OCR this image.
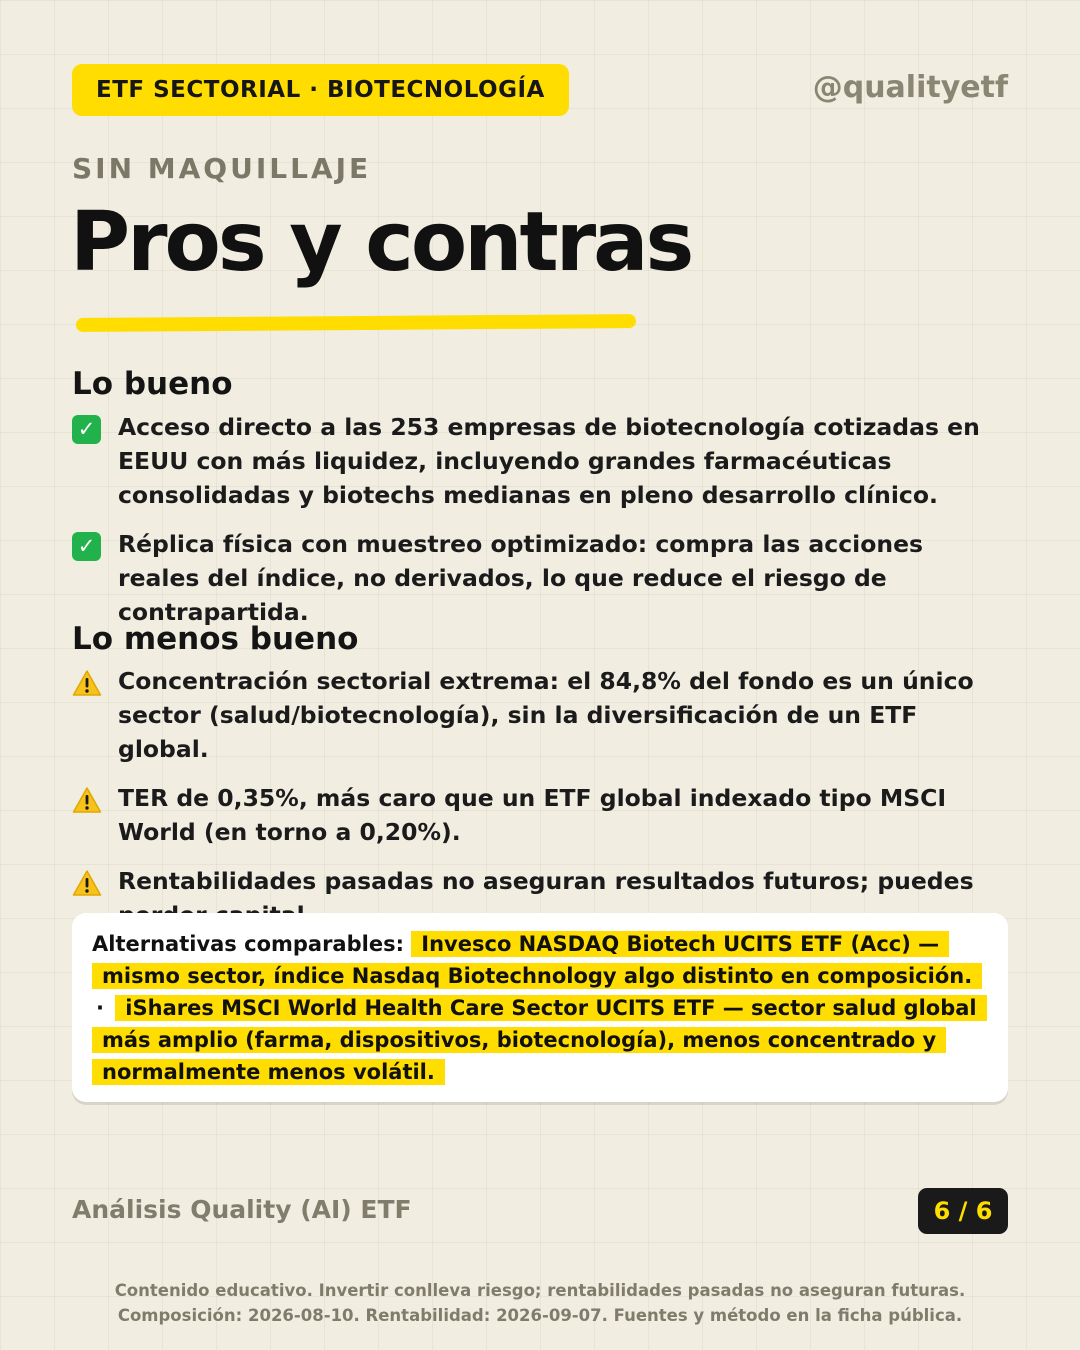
ETF SECTORIAL · BIOTECNOLOGÍA	@qualityetf
SIN MAQUILLAJE
Pros y contras
Lo bueno
✓ Acceso directo a las 253 empresas de biotecnología cotizadas en EEUU con más liquidez, incluyendo grandes farmacéuticas consolidadas y biotechs medianas en pleno desarrollo clínico.
✓ Réplica física con muestreo optimizado: compra las acciones reales del índice, no derivados, lo que reduce el riesgo de contrapartida.
Lo menos bueno
Concentración sectorial extrema: el 84,8% del fondo es un único sector (salud/biotecnología), sin la diversificación de un ETF global.
TER de 0,35%, más caro que un ETF global indexado tipo MSCI World (en torno a 0,20%).
Rentabilidades pasadas no aseguran resultados futuros; puedes

Alternativas comparables: Invesco NASDAQ Biotech UCITS ETF (Acc) — mismo sector, índice Nasdaq Biotechnology algo distinto en composición. · iShares MSCI World Health Care Sector UCITS ETF — sector salud global más amplio (farma, dispositivos, biotecnología), menos concentrado y normalmente menos volátil.

Análisis Quality (AI) ETF	6 / 6
Contenido educativo. Invertir conlleva riesgo; rentabilidades pasadas no aseguran futuras.
Composición: 2026-08-10. Rentabilidad: 2026-09-07. Fuentes y método en la ficha pública.
